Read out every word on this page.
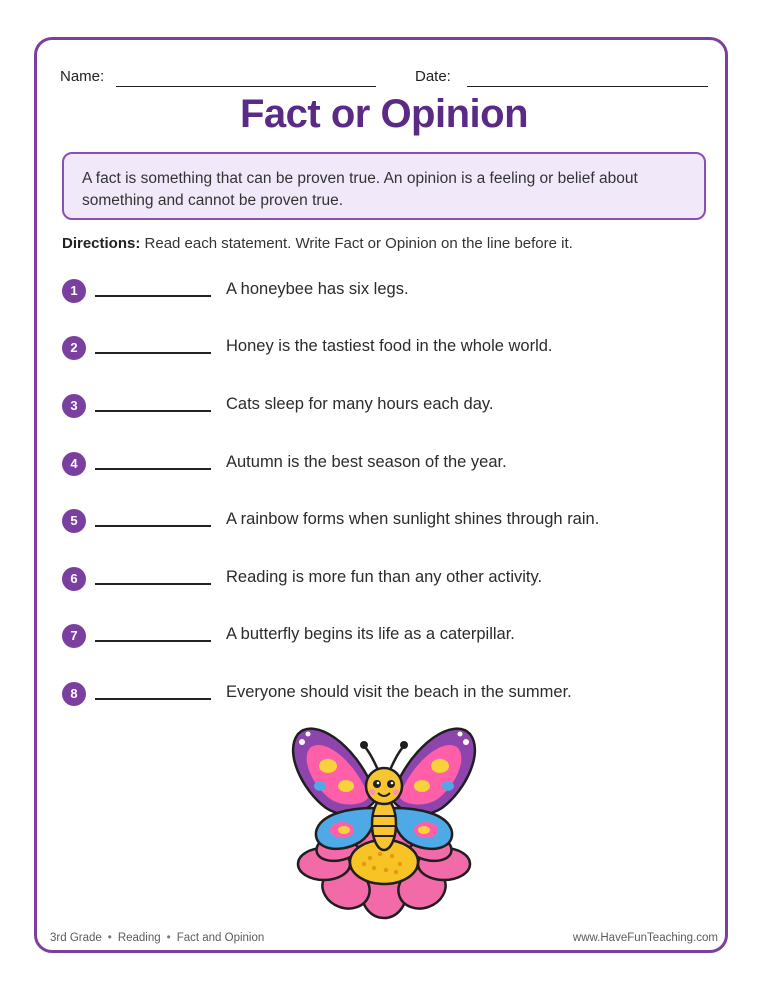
Name:	Date:
Fact or Opinion
A fact is something that can be proven true. An opinion is a feeling or belief about something and cannot be proven true.
Directions: Read each statement. Write Fact or Opinion on the line before it.
1	A honeybee has six legs.
2	Honey is the tastiest food in the whole world.
3	Cats sleep for many hours each day.
4	Autumn is the best season of the year.
5	A rainbow forms when sunlight shines through rain.
6	Reading is more fun than any other activity.
7	A butterfly begins its life as a caterpillar.
8	Everyone should visit the beach in the summer.
3rd Grade • Reading • Fact and Opinion	www.HaveFunTeaching.com
